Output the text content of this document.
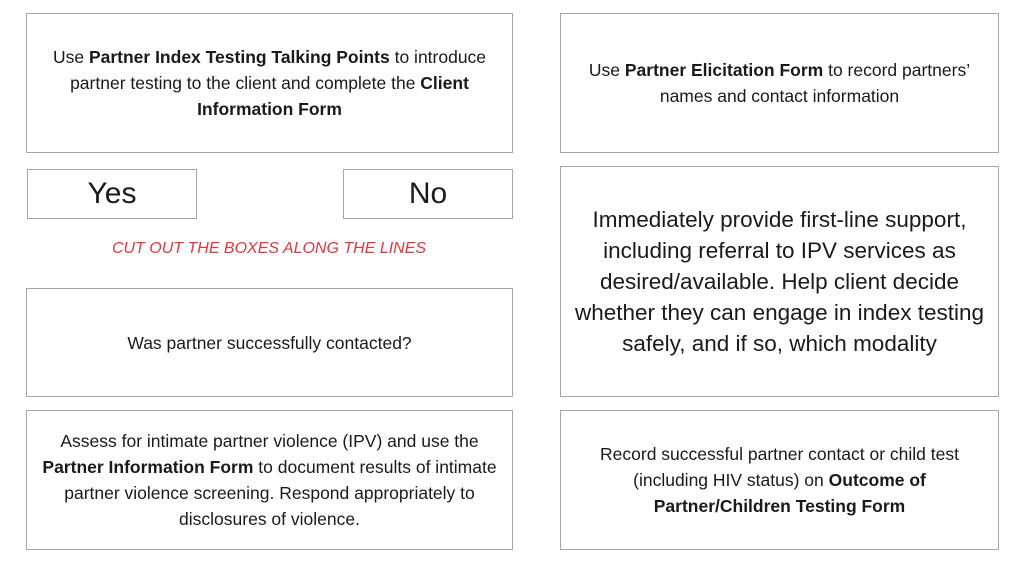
Use Partner Index Testing Talking Points to introduce partner testing to the client and complete the Client Information Form

Use Partner Elicitation Form to record partners’ names and contact information

Yes	No
CUT OUT THE BOXES ALONG THE LINES

Immediately provide first-line support, including referral to IPV services as desired/available. Help client decide whether they can engage in index testing safely, and if so, which modality

Was partner successfully contacted?

Assess for intimate partner violence (IPV) and use the Partner Information Form to document results of intimate partner violence screening. Respond appropriately to disclosures of violence.

Record successful partner contact or child test (including HIV status) on Outcome of Partner/Children Testing Form
